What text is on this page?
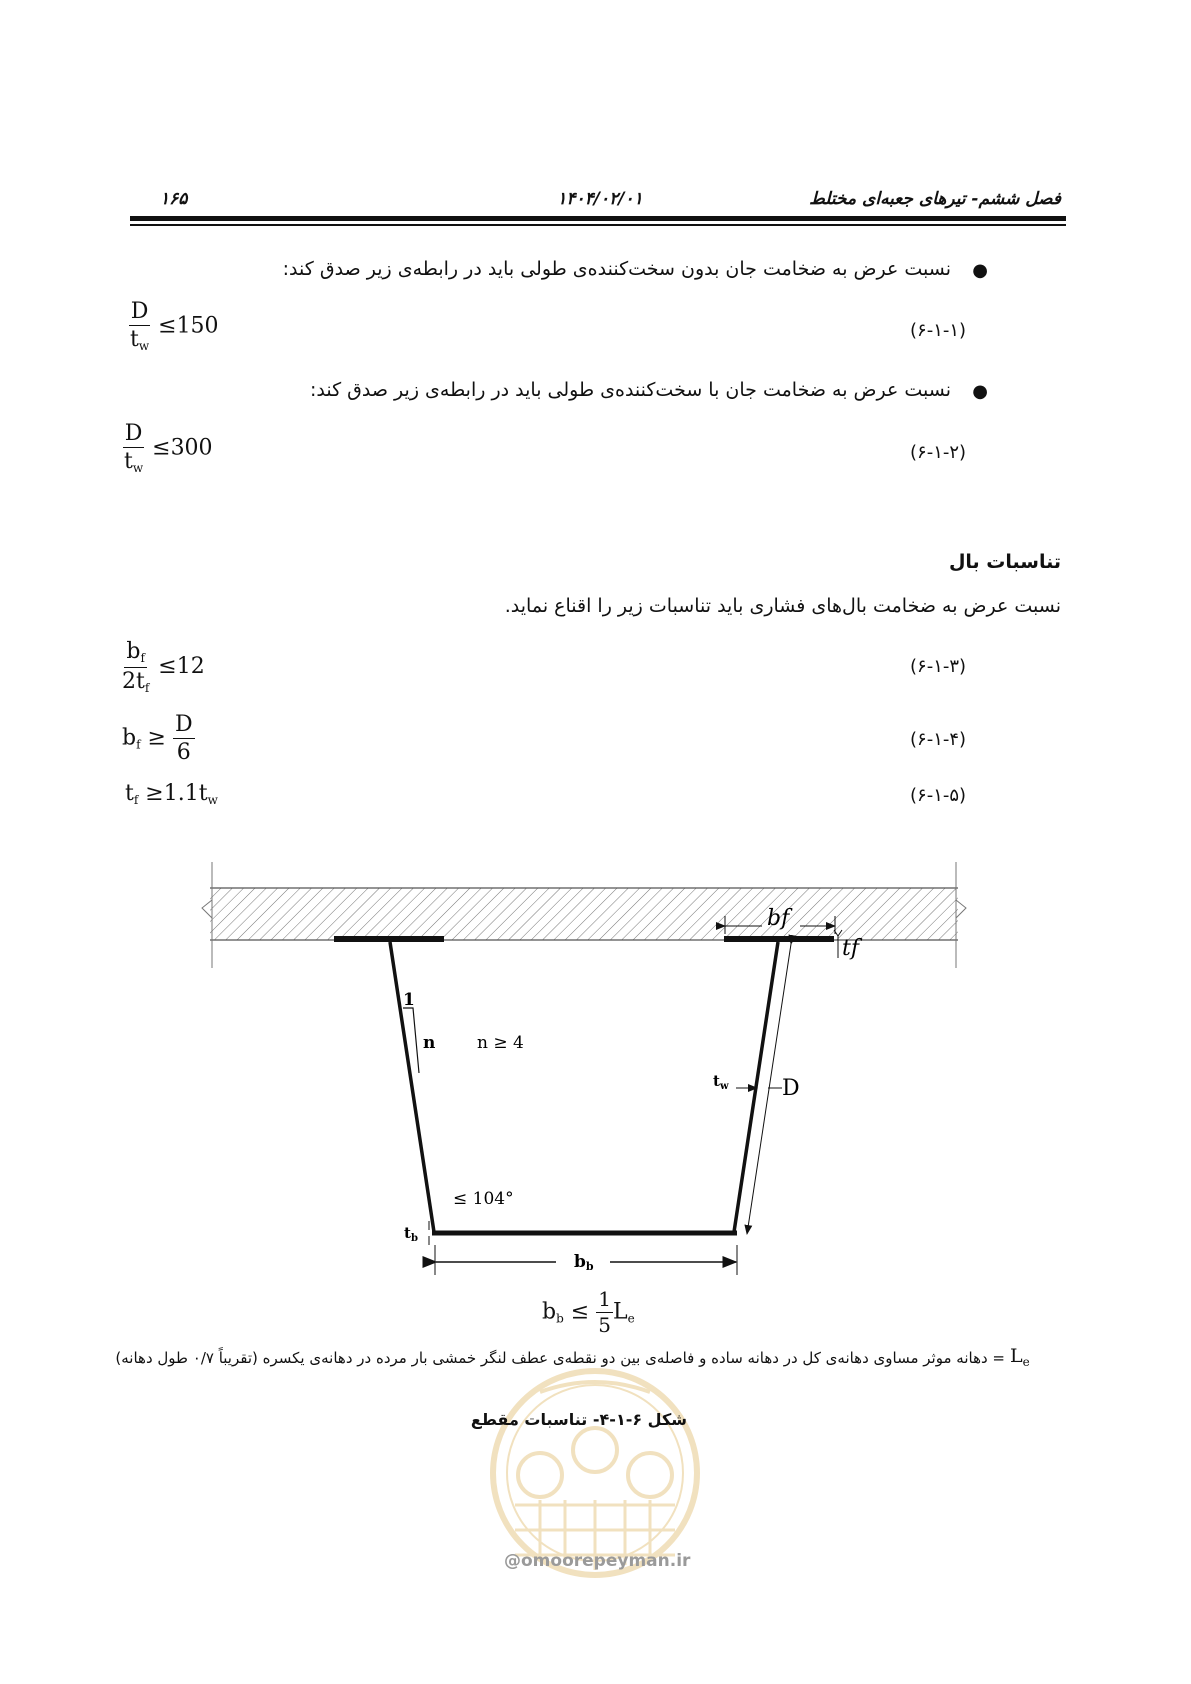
فصل ششم- تیرهای جعبه‌ای مختلط
۱۴۰۴/۰۲/۰۱
۱۶۵
●
نسبت عرض به ضخامت جان بدون سخت‌کننده‌ی طولی باید در رابطه‌ی زیر صدق کند:
$\frac{D}{t_w} \le 150$	(۶-۱-۱)
●
نسبت عرض به ضخامت جان با سخت‌کننده‌ی طولی باید در رابطه‌ی زیر صدق کند:
$\frac{D}{t_w} \le 300$	(۶-۱-۲)
تناسبات بال
نسبت عرض به ضخامت بال‌های فشاری باید تناسبات زیر را اقناع نماید.
$\frac{b_f}{2t_f} \le 12$	(۶-۱-۳)
$b_f \ge \frac{D}{6}$	(۶-۱-۴)
$t_f \ge 1.1t_w$	(۶-۱-۵)
1
n n ≥ 4
bf
tf
D
$t_w$
≤ 104°
$t_b$
bb
$b_b \le \frac{1}{5} L_e$
$L_e$
= دهانه موثر مساوی دهانه‌ی کل در دهانه ساده و فاصله‌ی بین دو نقطه‌ی عطف لنگر خمشی بار مرده در دهانه‌ی یکسره (تقریباً ۰/۷ طول دهانه)
شکل ۶-۱-۴- تناسبات مقطع
@omoorepeyman.ir
